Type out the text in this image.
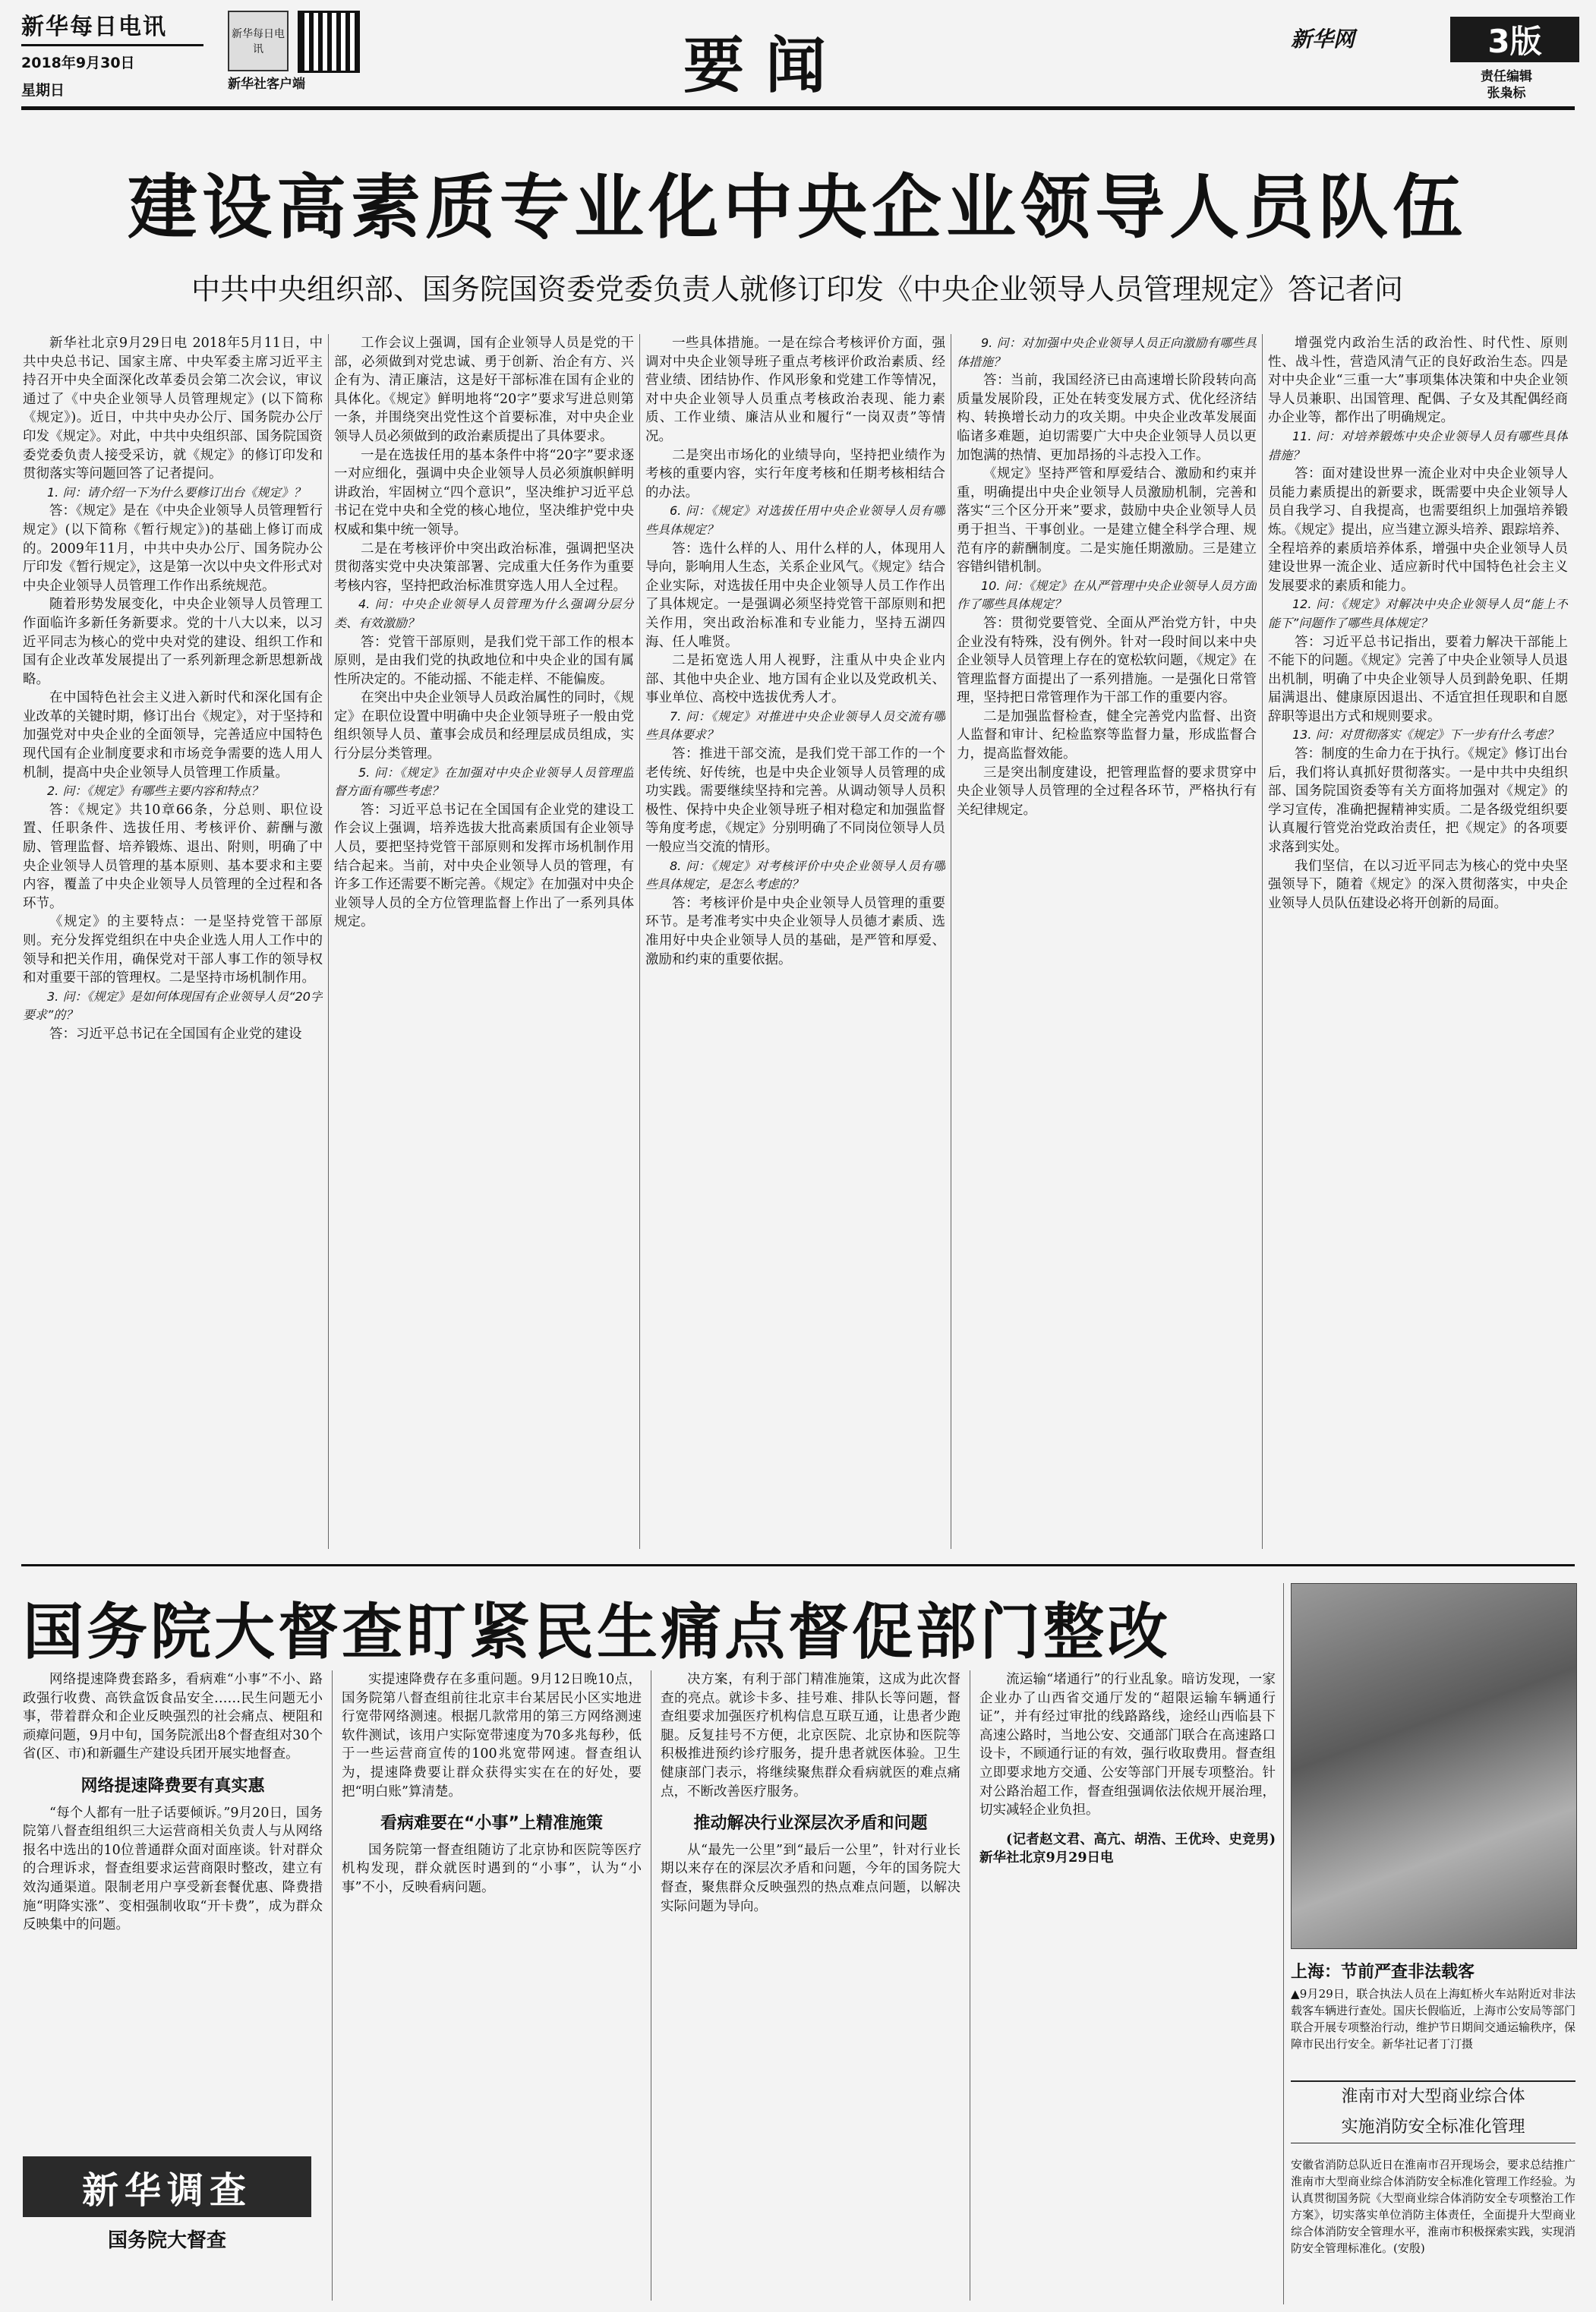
新华每日电讯
2018年9月30日
星期日
新华每日电讯
新华社客户端	要闻	新华网	3版
责任编辑
张枭标
建设高素质专业化中央企业领导人员队伍
中共中央组织部、国务院国资委党委负责人就修订印发《中央企业领导人员管理规定》答记者问

新华社北京9月29日电 2018年5月11日，中共中央总书记、国家主席、中央军委主席习近平主持召开中央全面深化改革委员会第二次会议，审议通过了《中央企业领导人员管理规定》(以下简称《规定》)。近日，中共中央办公厅、国务院办公厅印发《规定》。对此，中共中央组织部、国务院国资委党委负责人接受采访，就《规定》的修订印发和贯彻落实等问题回答了记者提问。

1. 问：请介绍一下为什么要修订出台《规定》？

答：《规定》是在《中央企业领导人员管理暂行规定》(以下简称《暂行规定》)的基础上修订而成的。2009年11月，中共中央办公厅、国务院办公厅印发《暂行规定》，这是第一次以中央文件形式对中央企业领导人员管理工作作出系统规范。

随着形势发展变化，中央企业领导人员管理工作面临许多新任务新要求。党的十八大以来，以习近平同志为核心的党中央对党的建设、组织工作和国有企业改革发展提出了一系列新理念新思想新战略。

在中国特色社会主义进入新时代和深化国有企业改革的关键时期，修订出台《规定》，对于坚持和加强党对中央企业的全面领导，完善适应中国特色现代国有企业制度要求和市场竞争需要的选人用人机制，提高中央企业领导人员管理工作质量。

2. 问：《规定》有哪些主要内容和特点？

答：《规定》共10章66条，分总则、职位设置、任职条件、选拔任用、考核评价、薪酬与激励、管理监督、培养锻炼、退出、附则，明确了中央企业领导人员管理的基本原则、基本要求和主要内容，覆盖了中央企业领导人员管理的全过程和各环节。

《规定》的主要特点：一是坚持党管干部原则。充分发挥党组织在中央企业选人用人工作中的领导和把关作用，确保党对干部人事工作的领导权和对重要干部的管理权。二是坚持市场机制作用。

3. 问：《规定》是如何体现国有企业领导人员“20字要求”的？

答：习近平总书记在全国国有企业党的建设

工作会议上强调，国有企业领导人员是党的干部，必须做到对党忠诚、勇于创新、治企有方、兴企有为、清正廉洁，这是好干部标准在国有企业的具体化。《规定》鲜明地将“20字”要求写进总则第一条，并围绕突出党性这个首要标准，对中央企业领导人员必须做到的政治素质提出了具体要求。

一是在选拔任用的基本条件中将“20字”要求逐一对应细化，强调中央企业领导人员必须旗帜鲜明讲政治，牢固树立“四个意识”，坚决维护习近平总书记在党中央和全党的核心地位，坚决维护党中央权威和集中统一领导。

二是在考核评价中突出政治标准，强调把坚决贯彻落实党中央决策部署、完成重大任务作为重要考核内容，坚持把政治标准贯穿选人用人全过程。

4. 问：中央企业领导人员管理为什么强调分层分类、有效激励？

答：党管干部原则，是我们党干部工作的根本原则，是由我们党的执政地位和中央企业的国有属性所决定的。不能动摇、不能走样、不能偏废。

在突出中央企业领导人员政治属性的同时，《规定》在职位设置中明确中央企业领导班子一般由党组织领导人员、董事会成员和经理层成员组成，实行分层分类管理。

5. 问：《规定》在加强对中央企业领导人员管理监督方面有哪些考虑？

答：习近平总书记在全国国有企业党的建设工作会议上强调，培养选拔大批高素质国有企业领导人员，要把坚持党管干部原则和发挥市场机制作用结合起来。当前，对中央企业领导人员的管理，有许多工作还需要不断完善。《规定》在加强对中央企业领导人员的全方位管理监督上作出了一系列具体规定。

一些具体措施。一是在综合考核评价方面，强调对中央企业领导班子重点考核评价政治素质、经营业绩、团结协作、作风形象和党建工作等情况，对中央企业领导人员重点考核政治表现、能力素质、工作业绩、廉洁从业和履行“一岗双责”等情况。

二是突出市场化的业绩导向，坚持把业绩作为考核的重要内容，实行年度考核和任期考核相结合的办法。

6. 问：《规定》对选拔任用中央企业领导人员有哪些具体规定？

答：选什么样的人、用什么样的人，体现用人导向，影响用人生态，关系企业风气。《规定》结合企业实际，对选拔任用中央企业领导人员工作作出了具体规定。一是强调必须坚持党管干部原则和把关作用，突出政治标准和专业能力，坚持五湖四海、任人唯贤。

二是拓宽选人用人视野，注重从中央企业内部、其他中央企业、地方国有企业以及党政机关、事业单位、高校中选拔优秀人才。

7. 问：《规定》对推进中央企业领导人员交流有哪些具体要求？

答：推进干部交流，是我们党干部工作的一个老传统、好传统，也是中央企业领导人员管理的成功实践。需要继续坚持和完善。从调动领导人员积极性、保持中央企业领导班子相对稳定和加强监督等角度考虑，《规定》分别明确了不同岗位领导人员一般应当交流的情形。

8. 问：《规定》对考核评价中央企业领导人员有哪些具体规定，是怎么考虑的？

答：考核评价是中央企业领导人员管理的重要环节。是考准考实中央企业领导人员德才素质、选准用好中央企业领导人员的基础，是严管和厚爱、激励和约束的重要依据。

9. 问：对加强中央企业领导人员正向激励有哪些具体措施？

答：当前，我国经济已由高速增长阶段转向高质量发展阶段，正处在转变发展方式、优化经济结构、转换增长动力的攻关期。中央企业改革发展面临诸多难题，迫切需要广大中央企业领导人员以更加饱满的热情、更加昂扬的斗志投入工作。

《规定》坚持严管和厚爱结合、激励和约束并重，明确提出中央企业领导人员激励机制，完善和落实“三个区分开来”要求，鼓励中央企业领导人员勇于担当、干事创业。一是建立健全科学合理、规范有序的薪酬制度。二是实施任期激励。三是建立容错纠错机制。

10. 问：《规定》在从严管理中央企业领导人员方面作了哪些具体规定？

答：贯彻党要管党、全面从严治党方针，中央企业没有特殊，没有例外。针对一段时间以来中央企业领导人员管理上存在的宽松软问题，《规定》在管理监督方面提出了一系列措施。一是强化日常管理，坚持把日常管理作为干部工作的重要内容。

二是加强监督检查，健全完善党内监督、出资人监督和审计、纪检监察等监督力量，形成监督合力，提高监督效能。

三是突出制度建设，把管理监督的要求贯穿中央企业领导人员管理的全过程各环节，严格执行有关纪律规定。

增强党内政治生活的政治性、时代性、原则性、战斗性，营造风清气正的良好政治生态。四是对中央企业“三重一大”事项集体决策和中央企业领导人员兼职、出国管理、配偶、子女及其配偶经商办企业等，都作出了明确规定。

11. 问：对培养锻炼中央企业领导人员有哪些具体措施？

答：面对建设世界一流企业对中央企业领导人员能力素质提出的新要求，既需要中央企业领导人员自我学习、自我提高，也需要组织上加强培养锻炼。《规定》提出，应当建立源头培养、跟踪培养、全程培养的素质培养体系，增强中央企业领导人员建设世界一流企业、适应新时代中国特色社会主义发展要求的素质和能力。

12. 问：《规定》对解决中央企业领导人员“能上不能下”问题作了哪些具体规定？

答：习近平总书记指出，要着力解决干部能上不能下的问题。《规定》完善了中央企业领导人员退出机制，明确了中央企业领导人员到龄免职、任期届满退出、健康原因退出、不适宜担任现职和自愿辞职等退出方式和规则要求。

13. 问：对贯彻落实《规定》下一步有什么考虑？

答：制度的生命力在于执行。《规定》修订出台后，我们将认真抓好贯彻落实。一是中共中央组织部、国务院国资委等有关方面将加强对《规定》的学习宣传，准确把握精神实质。二是各级党组织要认真履行管党治党政治责任，把《规定》的各项要求落到实处。

我们坚信，在以习近平同志为核心的党中央坚强领导下，随着《规定》的深入贯彻落实，中央企业领导人员队伍建设必将开创新的局面。

国务院大督查盯紧民生痛点督促部门整改

网络提速降费套路多，看病难“小事”不小、路政强行收费、高铁盒饭食品安全……民生问题无小事，带着群众和企业反映强烈的社会痛点、梗阻和顽瘴问题，9月中旬，国务院派出8个督查组对30个省(区、市)和新疆生产建设兵团开展实地督查。

网络提速降费要有真实惠

“每个人都有一肚子话要倾诉。”9月20日，国务院第八督查组组织三大运营商相关负责人与从网络报名中选出的10位普通群众面对面座谈。针对群众的合理诉求，督查组要求运营商限时整改，建立有效沟通渠道。限制老用户享受新套餐优惠、降费措施“明降实涨”、变相强制收取“开卡费”，成为群众反映集中的问题。

实提速降费存在多重问题。9月12日晚10点，国务院第八督查组前往北京丰台某居民小区实地进行宽带网络测速。根据几款常用的第三方网络测速软件测试，该用户实际宽带速度为70多兆每秒，低于一些运营商宣传的100兆宽带网速。督查组认为，提速降费要让群众获得实实在在的好处，要把“明白账”算清楚。

看病难要在“小事”上精准施策

国务院第一督查组随访了北京协和医院等医疗机构发现，群众就医时遇到的“小事”，认为“小事”不小，反映看病问题。

决方案，有利于部门精准施策，这成为此次督查的亮点。就诊卡多、挂号难、排队长等问题，督查组要求加强医疗机构信息互联互通，让患者少跑腿。反复挂号不方便，北京医院、北京协和医院等积极推进预约诊疗服务，提升患者就医体验。卫生健康部门表示，将继续聚焦群众看病就医的难点痛点，不断改善医疗服务。

推动解决行业深层次矛盾和问题

从“最先一公里”到“最后一公里”，针对行业长期以来存在的深层次矛盾和问题，今年的国务院大督查，聚焦群众反映强烈的热点难点问题，以解决实际问题为导向。

流运输“堵通行”的行业乱象。暗访发现，一家企业办了山西省交通厅发的“超限运输车辆通行证”，并有经过审批的线路路线，途经山西临县下高速公路时，当地公安、交通部门联合在高速路口设卡，不顾通行证的有效，强行收取费用。督查组立即要求地方交通、公安等部门开展专项整治。针对公路治超工作，督查组强调依法依规开展治理，切实减轻企业负担。

(记者赵文君、高亢、胡浩、王优玲、史竞男)新华社北京9月29日电

上海：节前严查非法载客
▲9月29日，联合执法人员在上海虹桥火车站附近对非法载客车辆进行查处。国庆长假临近，上海市公安局等部门联合开展专项整治行动，维护节日期间交通运输秩序，保障市民出行安全。新华社记者丁汀摄
淮南市对大型商业综合体
实施消防安全标准化管理
安徽省消防总队近日在淮南市召开现场会，要求总结推广淮南市大型商业综合体消防安全标准化管理工作经验。为认真贯彻国务院《大型商业综合体消防安全专项整治工作方案》，切实落实单位消防主体责任，全面提升大型商业综合体消防安全管理水平，淮南市积极探索实践，实现消防安全管理标准化。(安殷)
新华调查
国务院大督查
